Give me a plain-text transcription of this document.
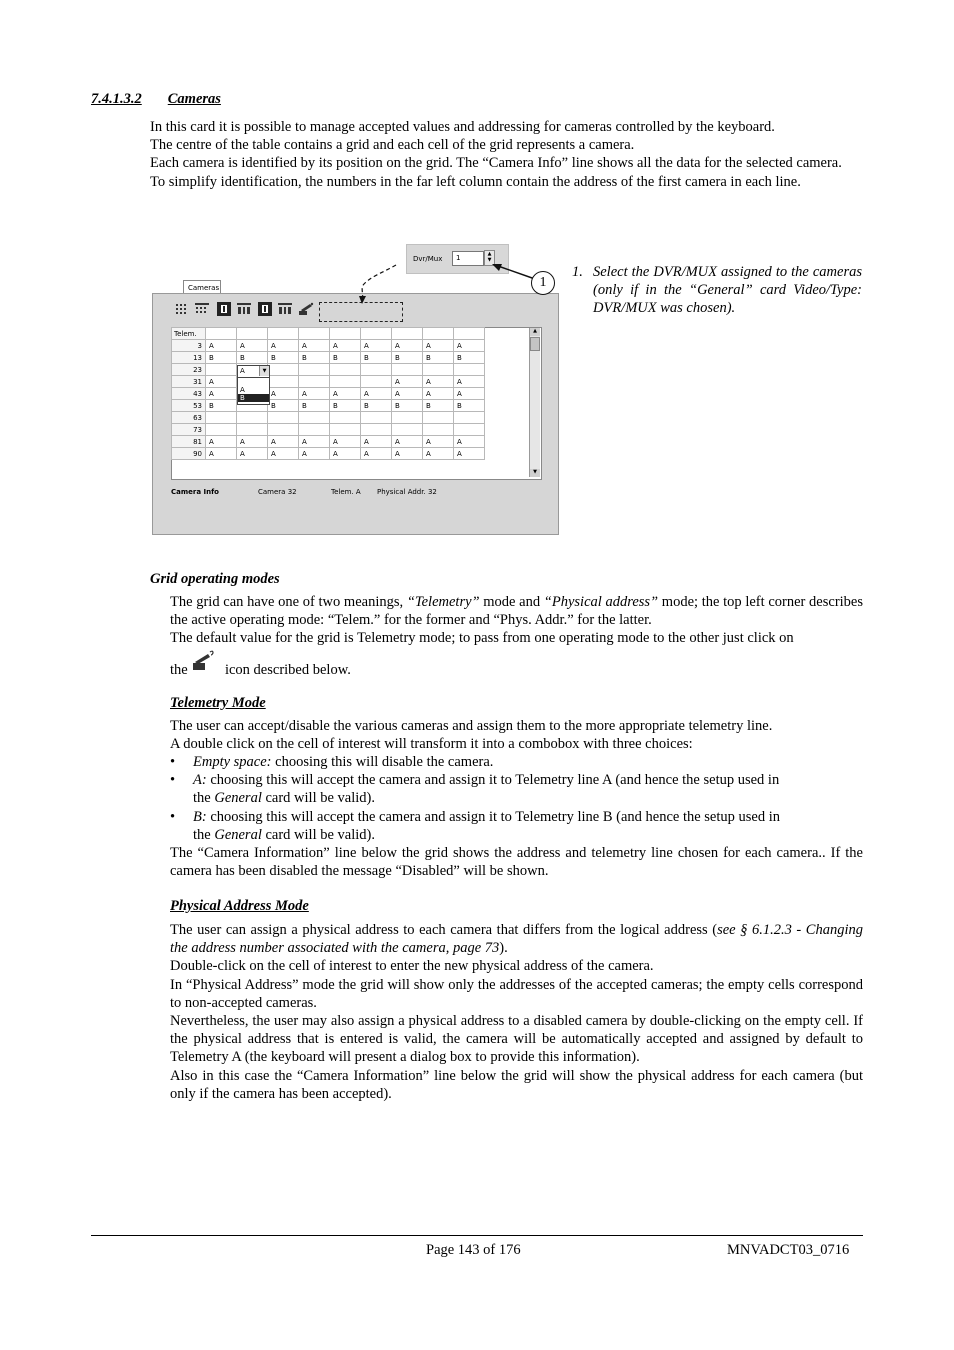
7.4.1.3.2 Cameras
In this card it is possible to manage accepted values and addressing for cameras controlled by the keyboard.
The centre of the table contains a grid and each cell of the grid represents a camera.
Each camera is identified by its position on the grid. The “Camera Info” line shows all the data for the selected camera.
To simplify identification, the numbers in the far left column contain the address of the first camera in each line.
Dvr/Mux 1	▲
▼
Cameras
Telem.									
3	A	A	A	A	A	A	A	A	A
13	B	B	B	B	B	B	B	B	B
23									
31	A						A	A	A
43	A		A	A	A	A	A	A	A
53	B		B	B	B	B	B	B	B
63									
73									
81	A	A	A	A	A	A	A	A	A
90	A	A	A	A	A	A	A	A	A
A	▼
A
B
▲
▼
Camera Info	Camera 32	Telem. A Physical Addr. 32
1
1. Select the DVR/MUX assigned to the cameras (only if in the “General” card Video/Type: DVR/MUX was chosen).
Grid operating modes
The grid can have one of two meanings, “Telemetry” mode and “Physical address” mode; the top left corner describes the active operating mode: “Telem.” for the former and “Phys. Addr.” for the latter.
The default value for the grid is Telemetry mode; to pass from one operating mode to the other just click on
the	icon described below.
Telemetry Mode
The user can accept/disable the various cameras and assign them to the more appropriate telemetry line.
A double click on the cell of interest will transform it into a combobox with three choices:
• Empty space: choosing this will disable the camera.
• A: choosing this will accept the camera and assign it to Telemetry line A (and hence the setup used in
the General card will be valid).
• B: choosing this will accept the camera and assign it to Telemetry line B (and hence the setup used in
the General card will be valid).
The “Camera Information” line below the grid shows the address and telemetry line chosen for each camera.. If the camera has been disabled the message “Disabled” will be shown.
Physical Address Mode
The user can assign a physical address to each camera that differs from the logical address (see § 6.1.2.3 - Changing the address number associated with the camera, page 73).
Double-click on the cell of interest to enter the new physical address of the camera.
In “Physical Address” mode the grid will show only the addresses of the accepted cameras; the empty cells correspond to non-accepted cameras.
Nevertheless, the user may also assign a physical address to a disabled camera by double-clicking on the empty cell. If the physical address that is entered is valid, the camera will be automatically accepted and assigned by default to Telemetry A (the keyboard will present a dialog box to provide this information).
Also in this case the “Camera Information” line below the grid will show the physical address for each camera (but only if the camera has been accepted).
Page 143 of 176	MNVADCT03_0716
